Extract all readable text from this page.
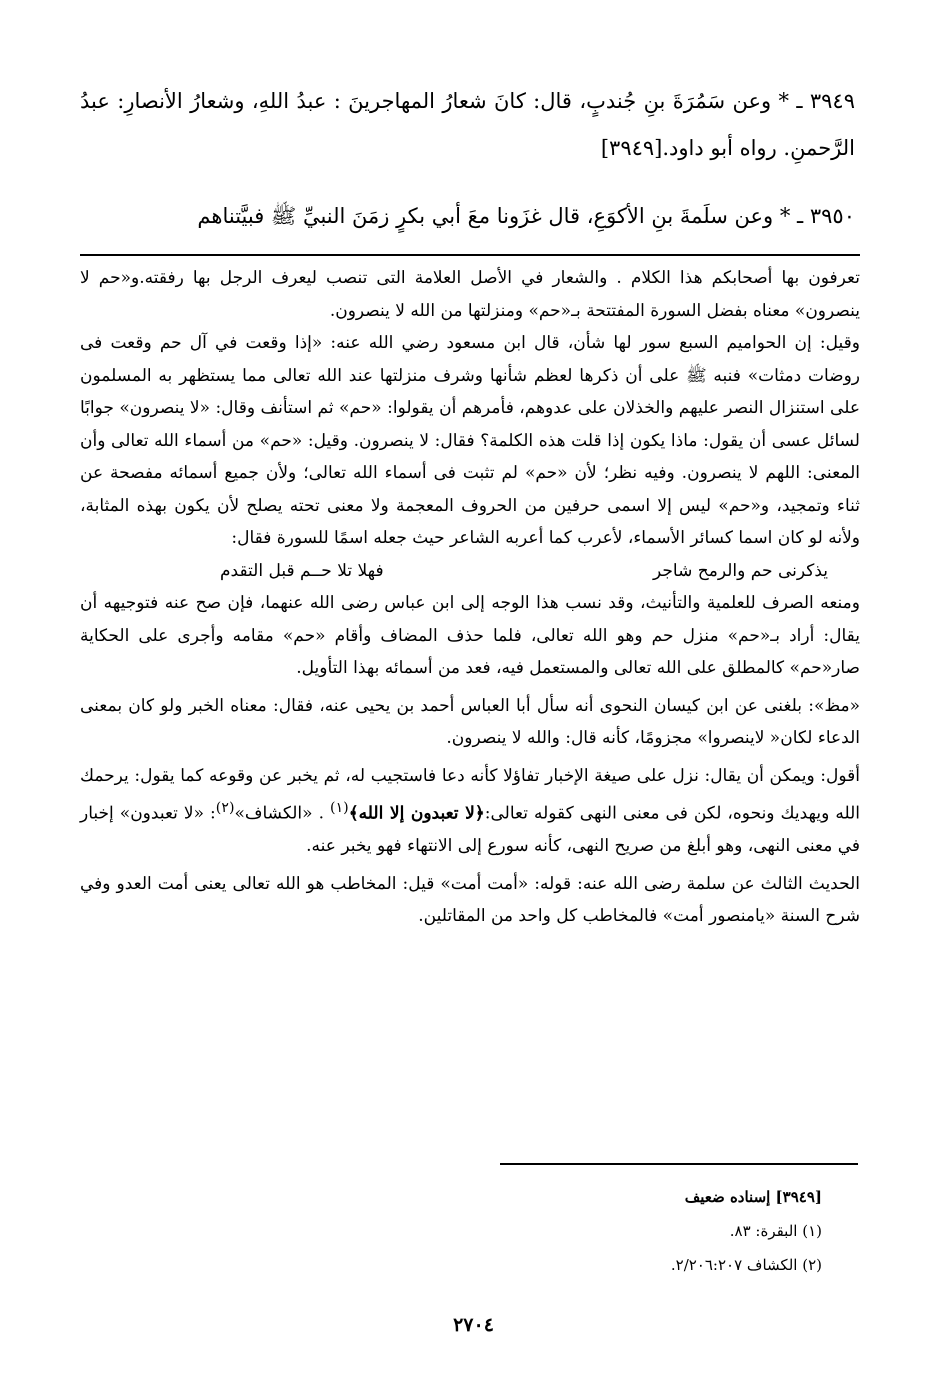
٣٩٤٩ ـ * وعن سَمُرَةَ بنِ جُندبٍ، قال: كانَ شعارُ المهاجرينَ : عبدُ اللهِ، وشعارُ الأنصارِ: عبدُ الرَّحمنِ. رواه أبو داود.[٣٩٤٩]
٣٩٥٠ ـ * وعن سلَمةَ بنِ الأكوَعِ، قال غزَونا معَ أبي بكرٍ زمَنَ النبيِّ ﷺ فبيَّتناهم

تعرفون بها أصحابكم هذا الكلام . والشعار في الأصل العلامة التى تنصب ليعرف الرجل بها رفقته.و«حم لا ينصرون» معناه بفضل السورة المفتتحة بـ«حم» ومنزلتها من الله لا ينصرون.

وقيل: إن الحواميم السبع سور لها شأن، قال ابن مسعود رضي الله عنه: «إذا وقعت في آل حم وقعت فى روضات دمثات» فنبه ﷺ على أن ذكرها لعظم شأنها وشرف منزلتها عند الله تعالى مما يستظهر به المسلمون على استنزال النصر عليهم والخذلان على عدوهم، فأمرهم أن يقولوا: «حم» ثم استأنف وقال: «لا ينصرون» جوابًا لسائل عسى أن يقول: ماذا يكون إذا قلت هذه الكلمة؟ فقال: لا ينصرون. وقيل: «حم» من أسماء الله تعالى وأن المعنى: اللهم لا ينصرون. وفيه نظر؛ لأن «حم» لم تثبت فى أسماء الله تعالى؛ ولأن جميع أسمائه مفصحة عن ثناء وتمجيد، و«حم» ليس إلا اسمى حرفين من الحروف المعجمة ولا معنى تحته يصلح لأن يكون بهذه المثابة، ولأنه لو كان اسما كسائر الأسماء، لأعرب كما أعربه الشاعر حيث جعله اسمًا للسورة فقال:

يذكرنى حم والرمح شاجر
فهلا تلا حــم قبل التقدم

ومنعه الصرف للعلمية والتأنيث، وقد نسب هذا الوجه إلى ابن عباس رضى الله عنهما، فإن صح عنه فتوجيهه أن يقال: أراد بـ«حم» منزل حم وهو الله تعالى، فلما حذف المضاف وأقام «حم» مقامه وأجرى على الحكاية صار«حم» كالمطلق على الله تعالى والمستعمل فيه، فعد من أسمائه بهذا التأويل.

«مظ»: بلغنى عن ابن كيسان النحوى أنه سأل أبا العباس أحمد بن يحيى عنه، فقال: معناه الخبر ولو كان بمعنى الدعاء لكان« لاينصروا» مجزومًا، كأنه قال: والله لا ينصرون.

أقول: ويمكن أن يقال: نزل على صيغة الإخبار تفاؤلا كأنه دعا فاستجيب له، ثم يخبر عن وقوعه كما يقول: يرحمك الله ويهديك ونحوه، لكن فى معنى النهى كقوله تعالى:﴿لا تعبدون إلا الله﴾$^{(١)}$ . «الكشاف»$^{(٢)}$: «لا تعبدون» إخبار في معنى النهى، وهو أبلغ من صريح النهى، كأنه سورع إلى الانتهاء فهو يخبر عنه.

الحديث الثالث عن سلمة رضى الله عنه: قوله: «أمت أمت» قيل: المخاطب هو الله تعالى يعنى أمت العدو وفي شرح السنة «يامنصور أمت» فالمخاطب كل واحد من المقاتلين.

[٣٩٤٩] إسناده ضعيف
(١) البقرة: ٨٣.
(٢) الكشاف ٢/٢٠٦:٢٠٧.
٢٧٠٤
